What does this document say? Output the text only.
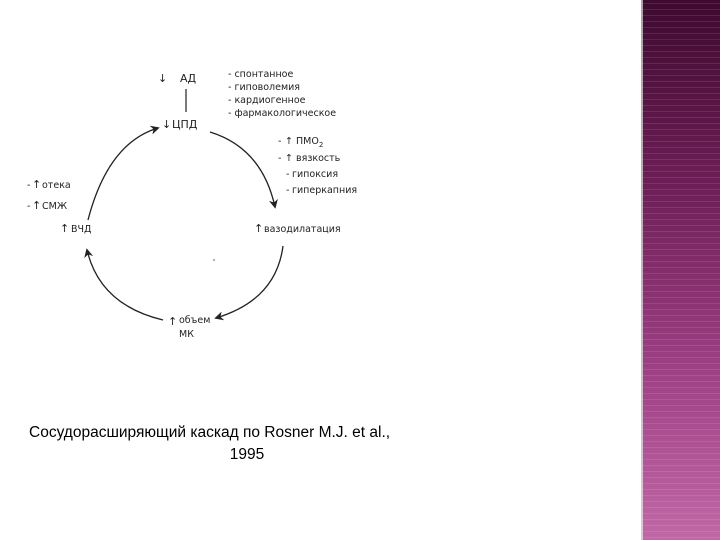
↓ АД	- спонтанное
- гиповолемия
- кардиогенное
- фармакологическое
↓ ЦПД
- ↑ $ПМО_2$
- ↑ вязкость
- гипоксия
- гиперкапния
↑ вазодилатация
↑ объем
МК
↑ ВЧД
- ↑ отека
- ↑ СМЖ
Сосудорасширяющий каскад по Rosner M.J. et al.,
1995
